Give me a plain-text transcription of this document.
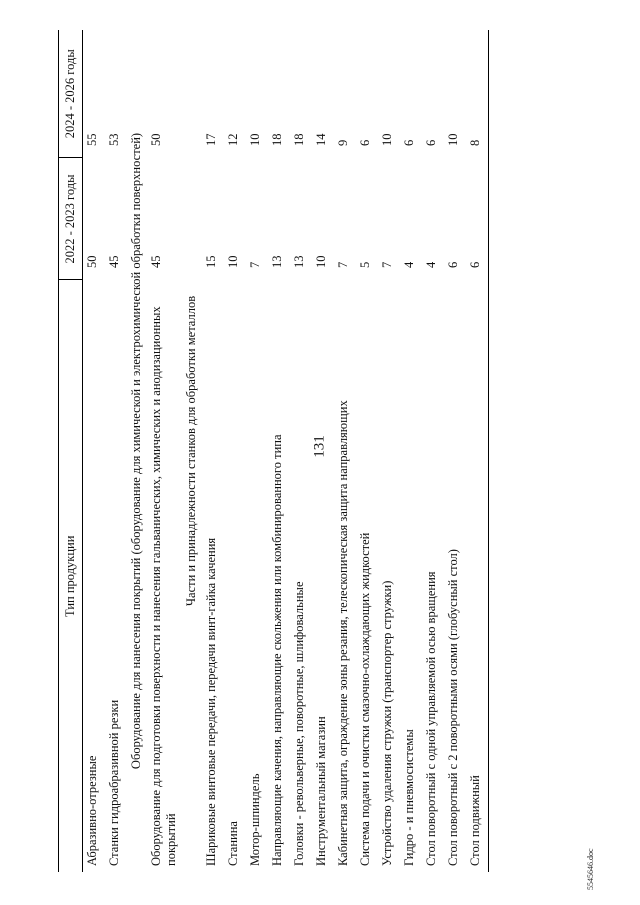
131
5545646.doc
Тип продукции	2022 - 2023 годы	2024 - 2026 годы
Абразивно-отрезные	50	55
Станки гидроабразивной резки	45	53
Оборудование для нанесения покрытий (оборудование для химической и электрохимической обработки поверхностей)		
Оборудование для подготовки поверхности и нанесения гальванических, химических и анодизационных покрытий	45	50
Части и принадлежности станков для обработки металлов		
Шариковые винтовые передачи, передачи винт-гайка качения	15	17
Станина	10	12
Мотор-шпиндель	7	10
Направляющие качения, направляющие скольжения или комбинированного типа	13	18
Головки - револьверные, поворотные, шлифовальные	13	18
Инструментальный магазин	10	14
Кабинетная защита, ограждение зоны резания, телескопическая защита направляющих	7	9
Система подачи и очистки смазочно-охлаждающих жидкостей	5	6
Устройство удаления стружки (транспортер стружки)	7	10
Гидро - и пневмосистемы	4	6
Стол поворотный с одной управляемой осью вращения	4	6
Стол поворотный с 2 поворотными осями (глобусный стол)	6	10
Стол подвижный	6	8
